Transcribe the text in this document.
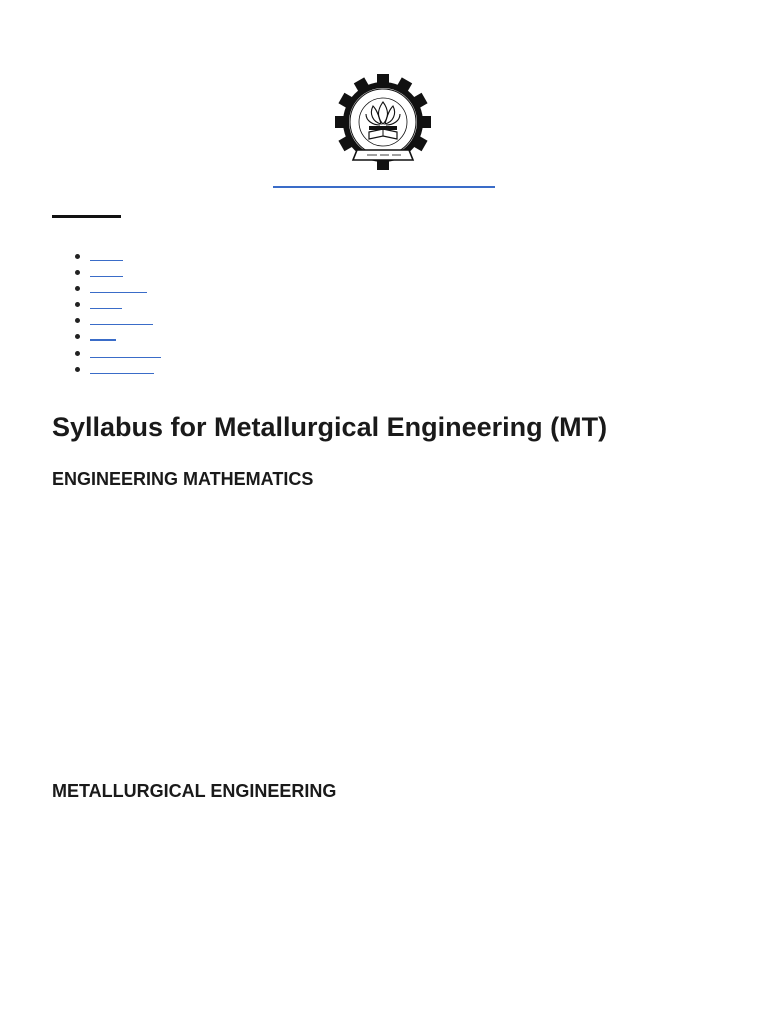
Syllabus for Metallurgical Engineering (MT)
ENGINEERING MATHEMATICS
METALLURGICAL ENGINEERING
